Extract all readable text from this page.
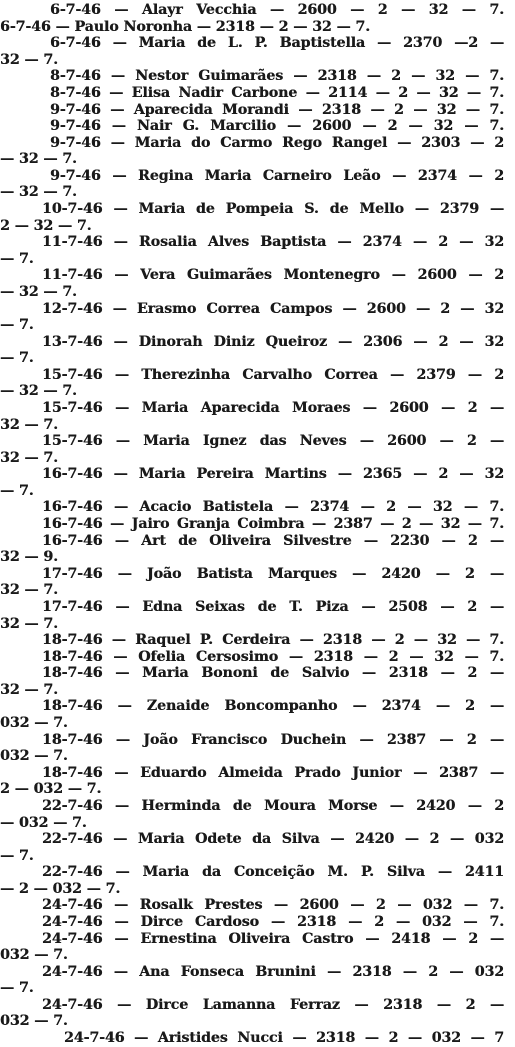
6-7-46 — Alayr Vecchia — 2600 — 2 — 32 — 7.
6-7-46 — Paulo Noronha — 2318 — 2 — 32 — 7.
6-7-46 — Maria de L. P. Baptistella — 2370 —2 —
32 — 7.
8-7-46 — Nestor Guimarães — 2318 — 2 — 32 — 7.
8-7-46 — Elisa Nadir Carbone — 2114 — 2 — 32 — 7.
9-7-46 — Aparecida Morandi — 2318 — 2 — 32 — 7.
9-7-46 — Nair G. Marcilio — 2600 — 2 — 32 — 7.
9-7-46 — Maria do Carmo Rego Rangel — 2303 — 2
— 32 — 7.
9-7-46 — Regina Maria Carneiro Leão — 2374 — 2
— 32 — 7.
10-7-46 — Maria de Pompeia S. de Mello — 2379 —
2 — 32 — 7.
11-7-46 — Rosalia Alves Baptista — 2374 — 2 — 32
— 7.
11-7-46 — Vera Guimarães Montenegro — 2600 — 2
— 32 — 7.
12-7-46 — Erasmo Correa Campos — 2600 — 2 — 32
— 7.
13-7-46 — Dinorah Diniz Queiroz — 2306 — 2 — 32
— 7.
15-7-46 — Therezinha Carvalho Correa — 2379 — 2
— 32 — 7.
15-7-46 — Maria Aparecida Moraes — 2600 — 2 —
32 — 7.
15-7-46 — Maria Ignez das Neves — 2600 — 2 —
32 — 7.
16-7-46 — Maria Pereira Martins — 2365 — 2 — 32
— 7.
16-7-46 — Acacio Batistela — 2374 — 2 — 32 — 7.
16-7-46 — Jairo Granja Coimbra — 2387 — 2 — 32 — 7.
16-7-46 — Art de Oliveira Silvestre — 2230 — 2 —
32 — 9.
17-7-46 — João Batista Marques — 2420 — 2 —
32 — 7.
17-7-46 — Edna Seixas de T. Piza — 2508 — 2 —
32 — 7.
18-7-46 — Raquel P. Cerdeira — 2318 — 2 — 32 — 7.
18-7-46 — Ofelia Cersosimo — 2318 — 2 — 32 — 7.
18-7-46 — Maria Bononi de Salvio — 2318 — 2 —
32 — 7.
18-7-46 — Zenaide Boncompanho — 2374 — 2 —
032 — 7.
18-7-46 — João Francisco Duchein — 2387 — 2 —
032 — 7.
18-7-46 — Eduardo Almeida Prado Junior — 2387 —
2 — 032 — 7.
22-7-46 — Herminda de Moura Morse — 2420 — 2
— 032 — 7.
22-7-46 — Maria Odete da Silva — 2420 — 2 — 032
— 7.
22-7-46 — Maria da Conceição M. P. Silva — 2411
— 2 — 032 — 7.
24-7-46 — Rosalk Prestes — 2600 — 2 — 032 — 7.
24-7-46 — Dirce Cardoso — 2318 — 2 — 032 — 7.
24-7-46 — Ernestina Oliveira Castro — 2418 — 2 —
032 — 7.
24-7-46 — Ana Fonseca Brunini — 2318 — 2 — 032
— 7.
24-7-46 — Dirce Lamanna Ferraz — 2318 — 2 —
032 — 7.
24-7-46 — Aristides Nucci — 2318 — 2 — 032 — 7
